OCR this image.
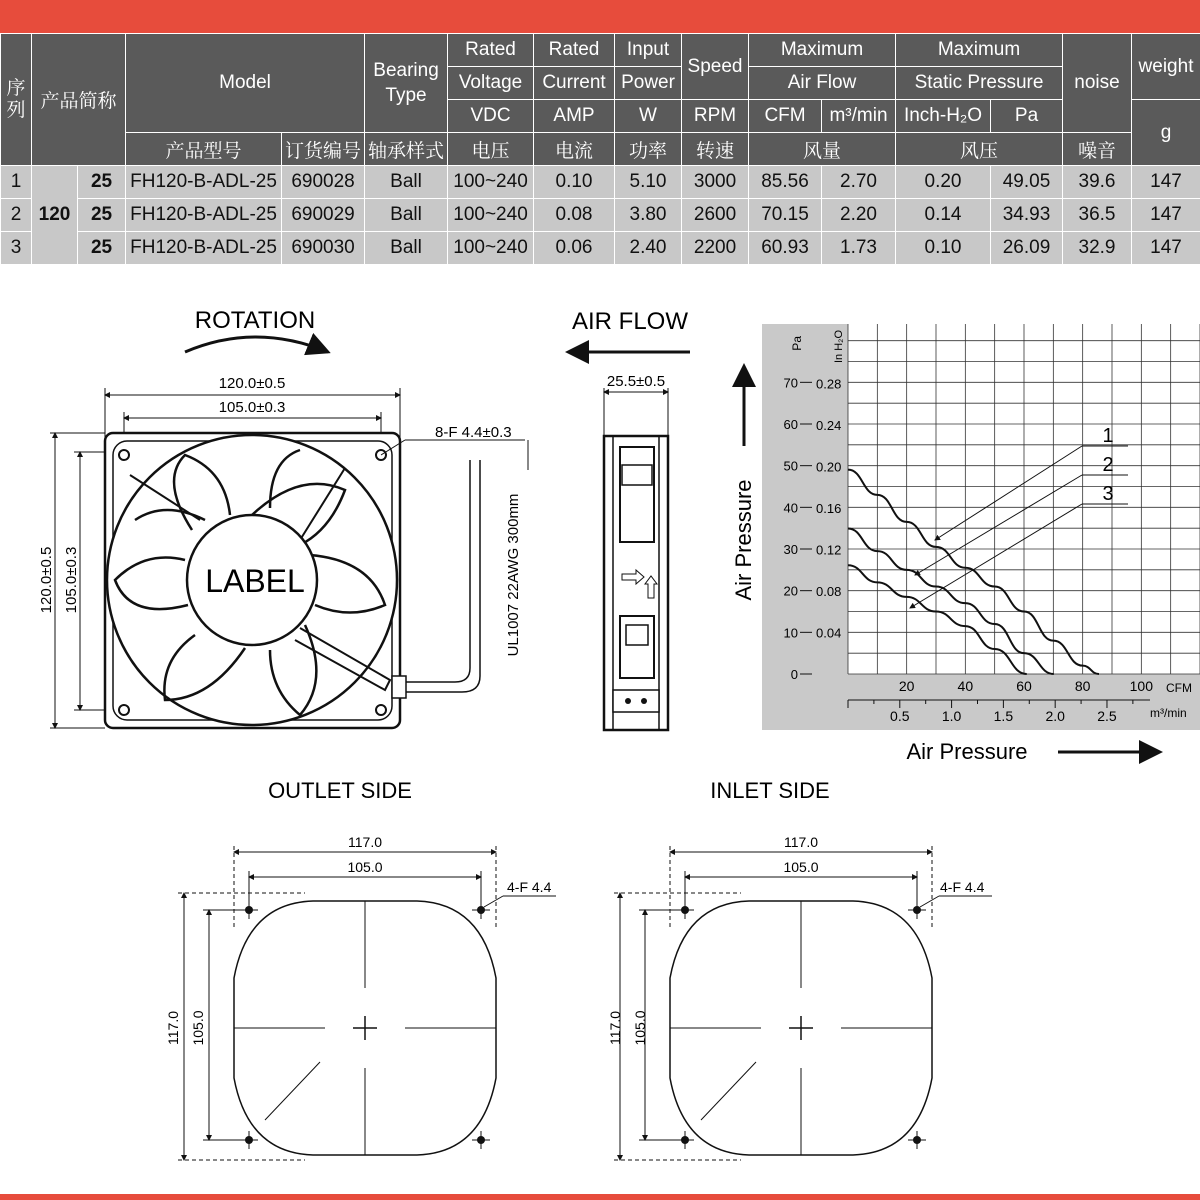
序列	产品简称		Model		Bearing Type	Rated	Rated	Input	Speed	Maximum		Maximum		noise	weight
						Voltage	Current	Power		Air Flow		Static Pressure			
						VDC	AMP	W	RPM	CFM	m³/min	Inch-H₂O	Pa		g
			产品型号	订货编号	轴承样式	电压	电流	功率	转速	风量		风压		噪音	
1	120	25	FH120-B-ADL-25	690028	Ball	100~240	0.10	5.10	3000	85.56	2.70	0.20	49.05	39.6	147
2		25	FH120-B-ADL-25	690029	Ball	100~240	0.08	3.80	2600	70.15	2.20	0.14	34.93	36.5	147
3		25	FH120-B-ADL-25	690030	Ball	100~240	0.06	2.40	2200	60.93	1.73	0.10	26.09	32.9	147
ROTATION
120.0±0.5
105.0±0.3
120.0±0.5 105.0±0.3	LABEL
8-F 4.4±0.3
UL1007 22AWG 300mm
AIR FLOW
25.5±0.5
0
10
20
30
40
50
60
70
0.04
0.08
0.12
0.16
0.20
0.24
0.28
20	40	60	80	100
0.5 1.0 1.5 2.0 2.5
1
2
3
Pa	In H₂O
CFM
m³/min
Air Pressure
Air Pressure
OUTLET SIDE
117.0
105.0
4-F 4.4
117.0 105.0
INLET SIDE
117.0
105.0
4-F 4.4
117.0 105.0
